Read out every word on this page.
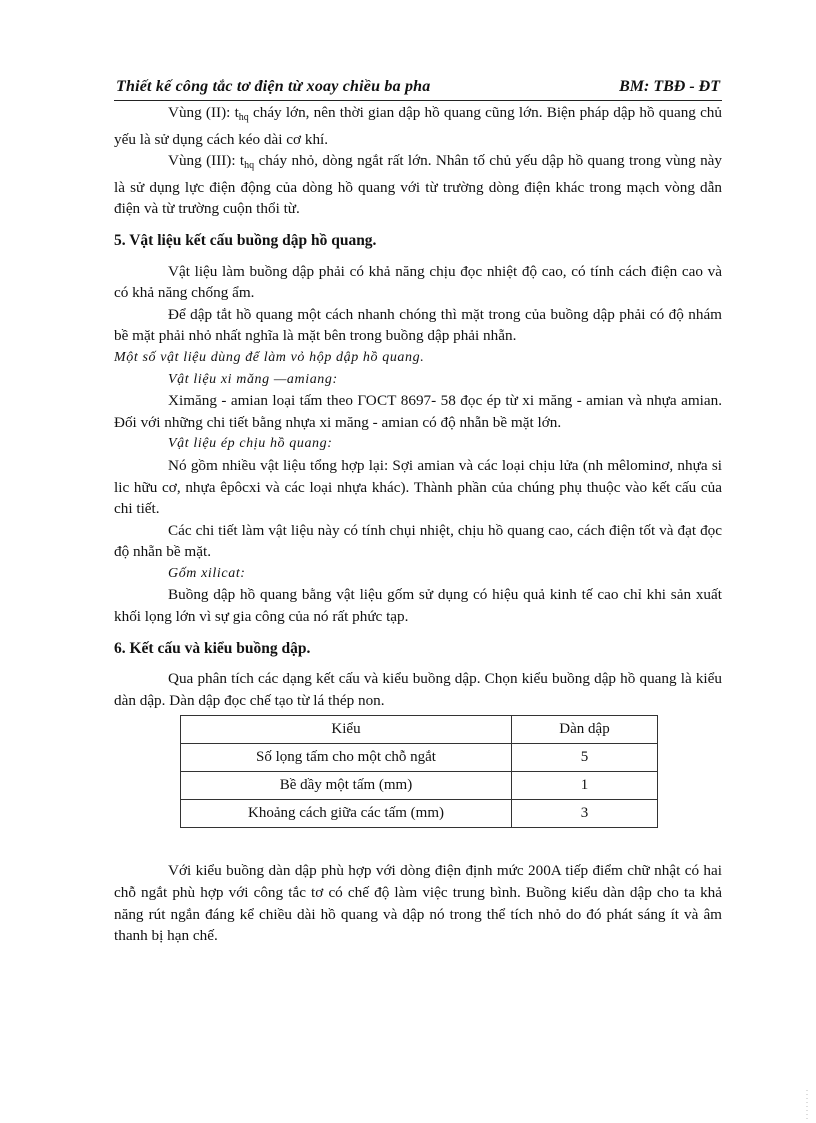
Thiết kế công tắc tơ điện từ xoay chiều ba pha	BM: TBĐ - ĐT

Vùng (II): $t_{hq}$ cháy lớn, nên thời gian dập hồ quang cũng lớn. Biện pháp dập hồ quang chủ yếu là sử dụng cách kéo dài cơ khí.

Vùng (III): $t_{hq}$ cháy nhỏ, dòng ngắt rất lớn. Nhân tố chủ yếu dập hồ quang trong vùng này là sử dụng lực điện động của dòng hồ quang với từ trường dòng điện khác trong mạch vòng dẫn điện và từ trường cuộn thổi từ.

5. Vật liệu kết cấu buồng dập hồ quang.

Vật liệu làm buồng dập phải có khả năng chịu đọc nhiệt độ cao, có tính cách điện cao và có khả năng chống ẩm.

Để dập tắt hồ quang một cách nhanh chóng thì mặt trong của buồng dập phải có độ nhám bề mặt phải nhỏ nhất nghĩa là mặt bên trong buồng dập phải nhẵn.

Một số vật liệu dùng để làm vỏ hộp dập hồ quang.

Vật liệu xi măng —amiang:

Ximăng - amian loại tấm theo ГОСТ 8697- 58 đọc ép từ xi măng - amian và nhựa amian. Đối với những chi tiết bằng nhựa xi măng - amian có độ nhẵn bề mặt lớn.

Vật liệu ép chịu hồ quang:

Nó gồm nhiều vật liệu tổng hợp lại: Sợi amian và các loại chịu lửa (nh mêlominơ, nhựa si lic hữu cơ, nhựa êpôcxi và các loại nhựa khác). Thành phần của chúng phụ thuộc vào kết cấu của chi tiết.

Các chi tiết làm vật liệu này có tính chụi nhiệt, chịu hồ quang cao, cách điện tốt và đạt đọc độ nhẵn bề mặt.

Gốm xilicat:

Buồng dập hồ quang bằng vật liệu gốm sử dụng có hiệu quả kinh tế cao chỉ khi sản xuất khối lọng lớn vì sự gia công của nó rất phức tạp.

6. Kết cấu và kiểu buồng dập.

Qua phân tích các dạng kết cấu và kiểu buồng dập. Chọn kiểu buồng dập hồ quang là kiểu dàn dập. Dàn dập đọc chế tạo từ lá thép non.

Kiểu	Dàn dập
Số lọng tấm cho một chỗ ngắt	5
Bề dầy một tấm (mm)	1
Khoảng cách giữa các tấm (mm)	3

Với kiểu buồng dàn dập phù hợp với dòng điện định mức 200A tiếp điểm chữ nhật có hai chỗ ngắt phù hợp với công tắc tơ có chế độ làm việc trung bình. Buồng kiểu dàn dập cho ta khả năng rút ngắn đáng kể chiều dài hồ quang và dập nó trong thể tích nhỏ do đó phát sáng ít và âm thanh bị hạn chế.
